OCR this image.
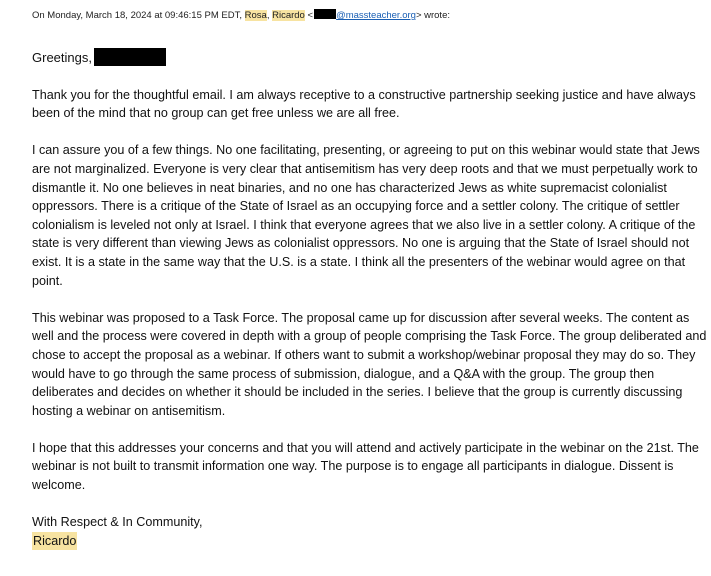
On Monday, March 18, 2024 at 09:46:15 PM EDT, Rosa, Ricardo < @massteacher.org> wrote:

Greetings,

Thank you for the thoughtful email. I am always receptive to a constructive partnership seeking justice and have always been of the mind that no group can get free unless we are all free.

I can assure you of a few things. No one facilitating, presenting, or agreeing to put on this webinar would state that Jews are not marginalized. Everyone is very clear that antisemitism has very deep roots and that we must perpetually work to dismantle it. No one believes in neat binaries, and no one has characterized Jews as white supremacist colonialist oppressors. There is a critique of the State of Israel as an occupying force and a settler colony. The critique of settler colonialism is leveled not only at Israel. I think that everyone agrees that we also live in a settler colony. A critique of the state is very different than viewing Jews as colonialist oppressors. No one is arguing that the State of Israel should not exist. It is a state in the same way that the U.S. is a state. I think all the presenters of the webinar would agree on that point.

This webinar was proposed to a Task Force. The proposal came up for discussion after several weeks. The content as well and the process were covered in depth with a group of people comprising the Task Force. The group deliberated and chose to accept the proposal as a webinar. If others want to submit a workshop/webinar proposal they may do so. They would have to go through the same process of submission, dialogue, and a Q&A with the group. The group then deliberates and decides on whether it should be included in the series. I believe that the group is currently discussing hosting a webinar on antisemitism.

I hope that this addresses your concerns and that you will attend and actively participate in the webinar on the 21st. The webinar is not built to transmit information one way. The purpose is to engage all participants in dialogue. Dissent is welcome.

With Respect & In Community,

Ricardo
